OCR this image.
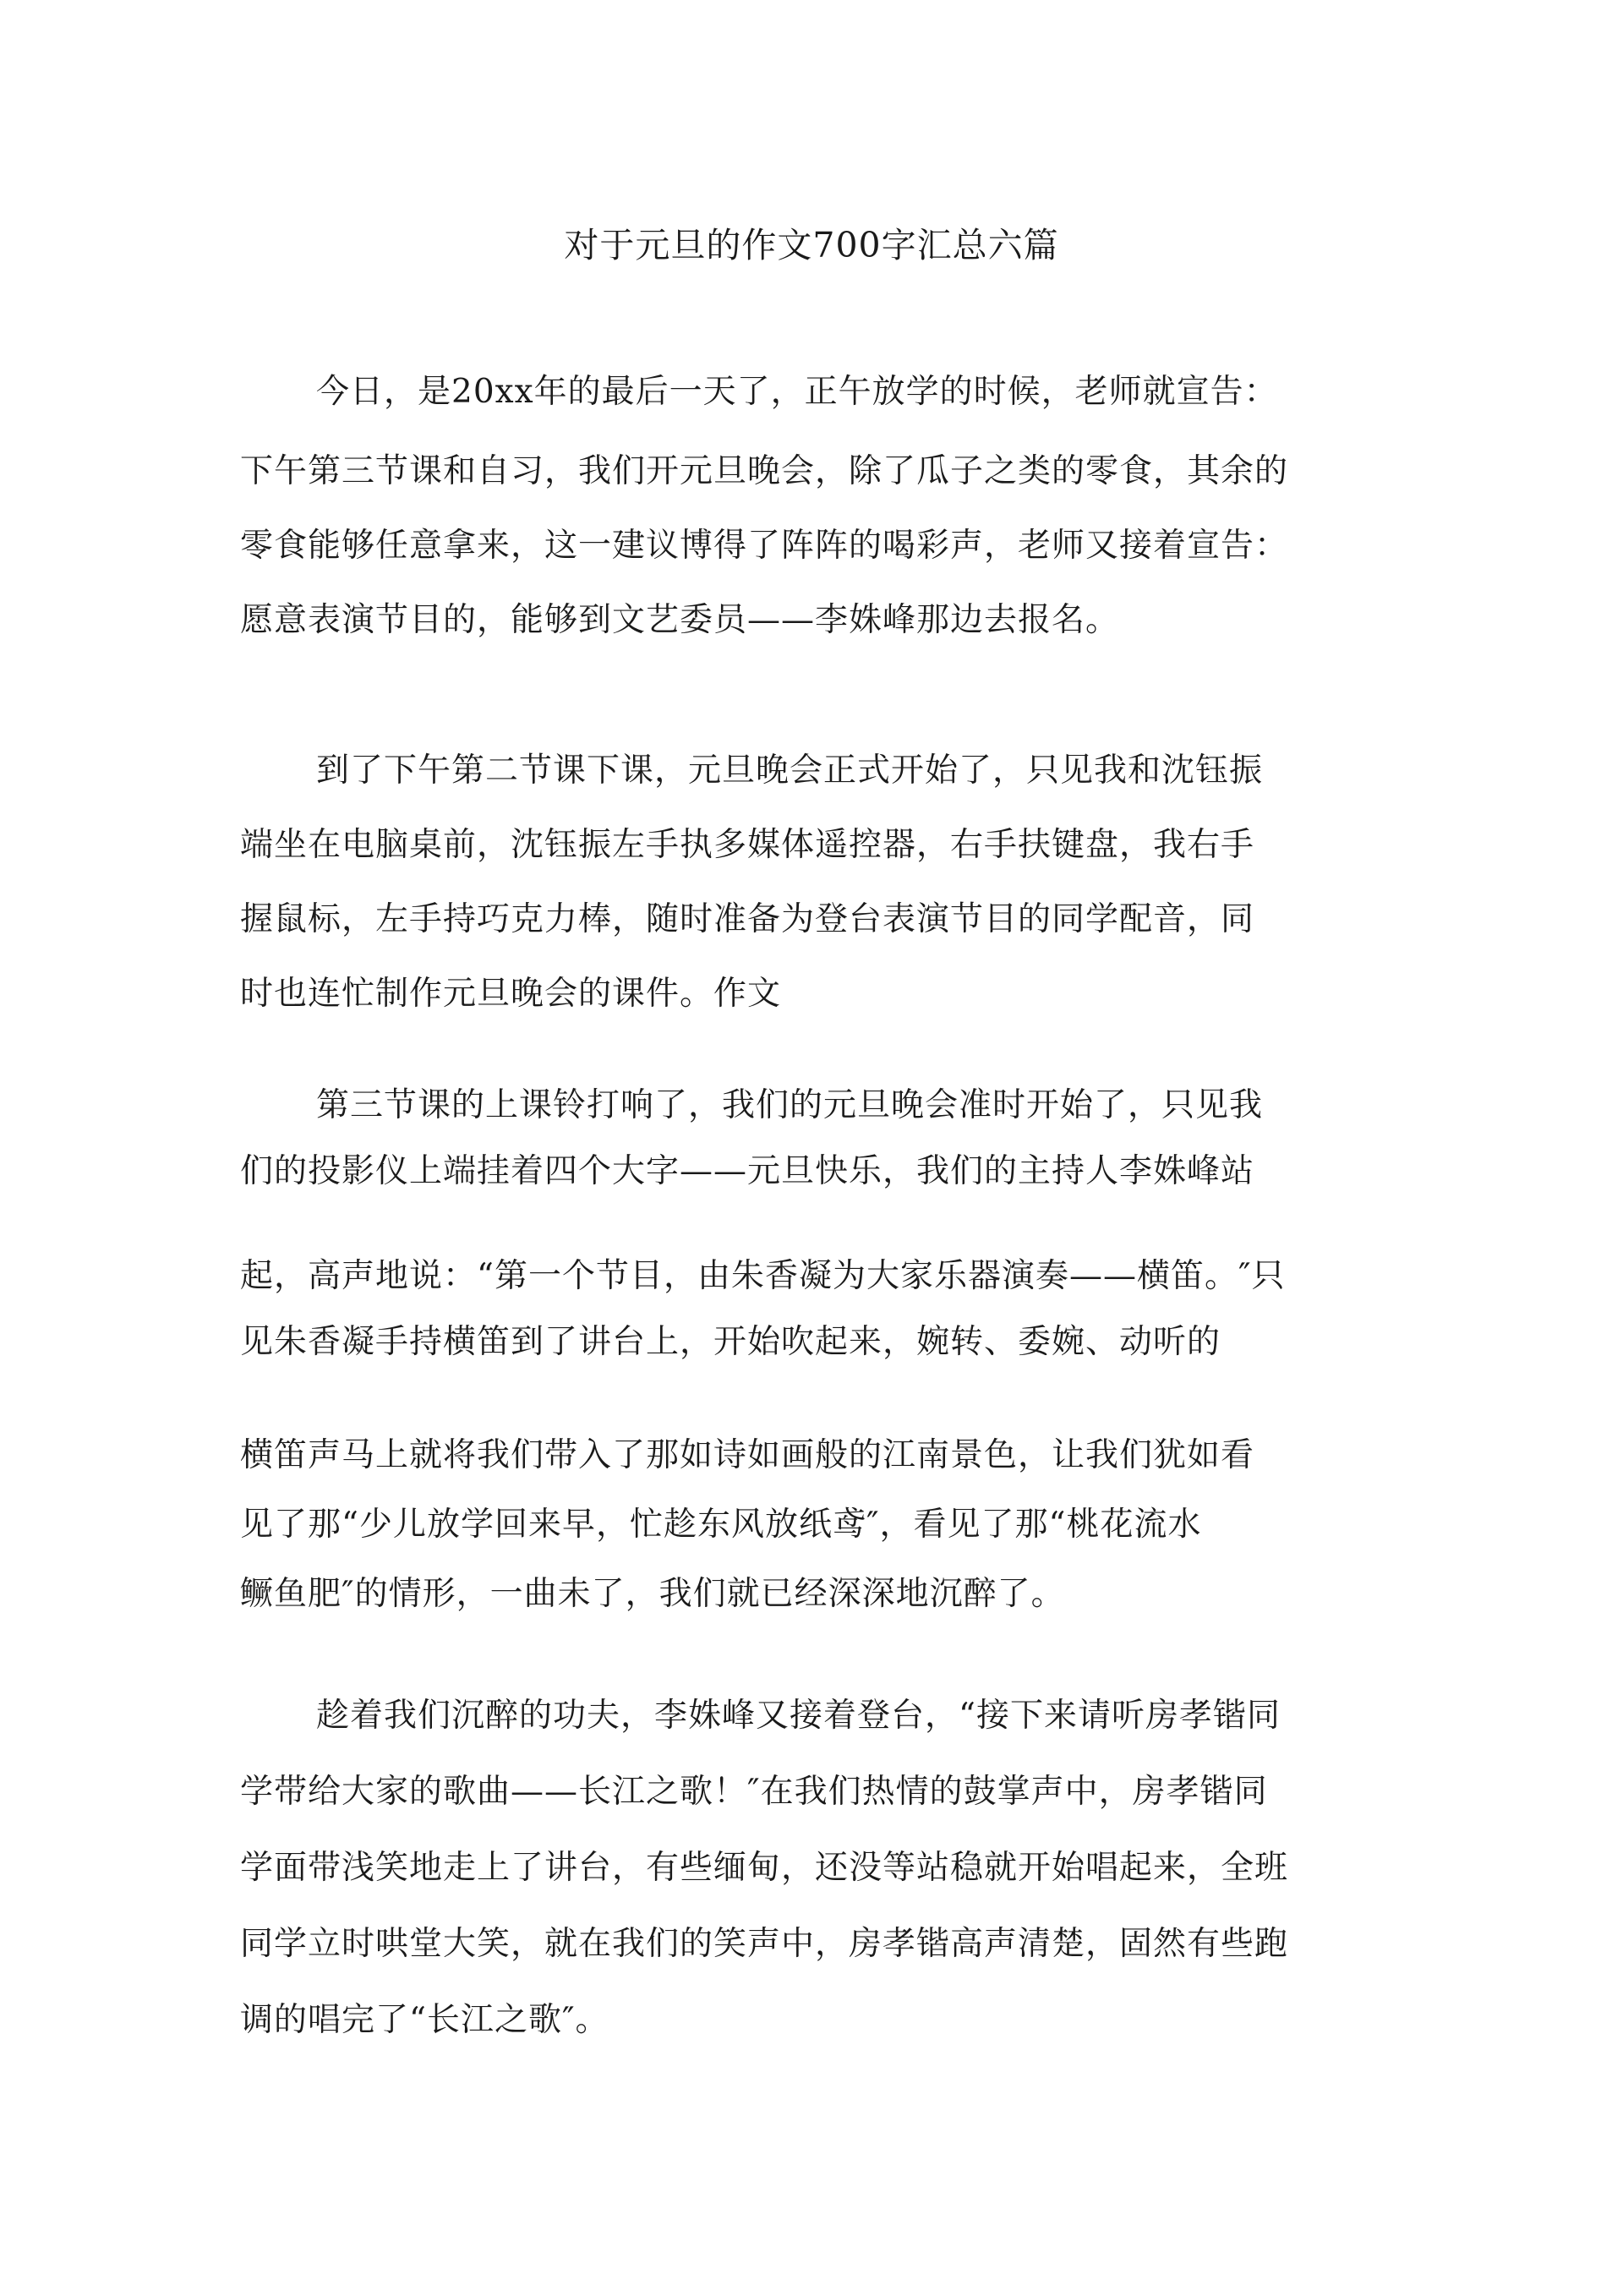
对于元旦的作文700字汇总六篇
今日，是20xx年的最后一天了，正午放学的时候，老师就宣告：
下午第三节课和自习，我们开元旦晚会，除了瓜子之类的零食，其余的
零食能够任意拿来，这一建议博得了阵阵的喝彩声，老师又接着宣告：
愿意表演节目的，能够到文艺委员——李姝峰那边去报名。
到了下午第二节课下课，元旦晚会正式开始了，只见我和沈钰振
端坐在电脑桌前，沈钰振左手执多媒体遥控器，右手扶键盘，我右手
握鼠标，左手持巧克力棒，随时准备为登台表演节目的同学配音，同
时也连忙制作元旦晚会的课件。作文
第三节课的上课铃打响了，我们的元旦晚会准时开始了，只见我
们的投影仪上端挂着四个大字——元旦快乐，我们的主持人李姝峰站
起，高声地说：“第一个节目，由朱香凝为大家乐器演奏——横笛。″只
见朱香凝手持横笛到了讲台上，开始吹起来，婉转、委婉、动听的
横笛声马上就将我们带入了那如诗如画般的江南景色，让我们犹如看
见了那“少儿放学回来早，忙趁东风放纸鸢″，看见了那“桃花流水
鳜鱼肥″的情形，一曲未了，我们就已经深深地沉醉了。
趁着我们沉醉的功夫，李姝峰又接着登台，“接下来请听房孝锴同
学带给大家的歌曲——长江之歌！″在我们热情的鼓掌声中，房孝锴同
学面带浅笑地走上了讲台，有些缅甸，还没等站稳就开始唱起来，全班
同学立时哄堂大笑，就在我们的笑声中，房孝锴高声清楚，固然有些跑
调的唱完了“长江之歌″。
